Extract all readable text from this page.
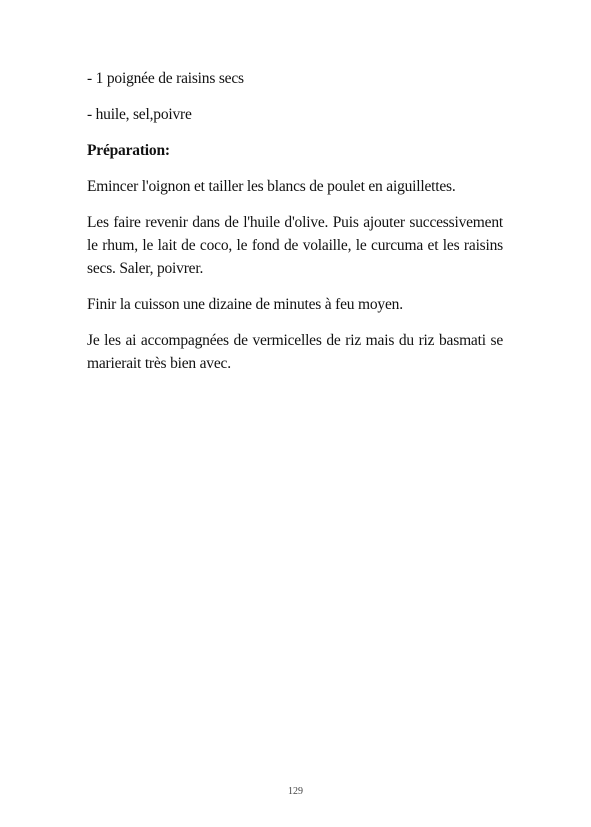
- 1 poignée de raisins secs

- huile, sel,poivre

Préparation:

Emincer l'oignon et tailler les blancs de poulet en aiguillettes.

Les faire revenir dans de l'huile d'olive. Puis ajouter successivement le rhum, le lait de coco, le fond de volaille, le curcuma et les raisins secs. Saler, poivrer.

Finir la cuisson une dizaine de minutes à feu moyen.

Je les ai accompagnées de vermicelles de riz mais du riz basmati se marierait très bien avec.

129
